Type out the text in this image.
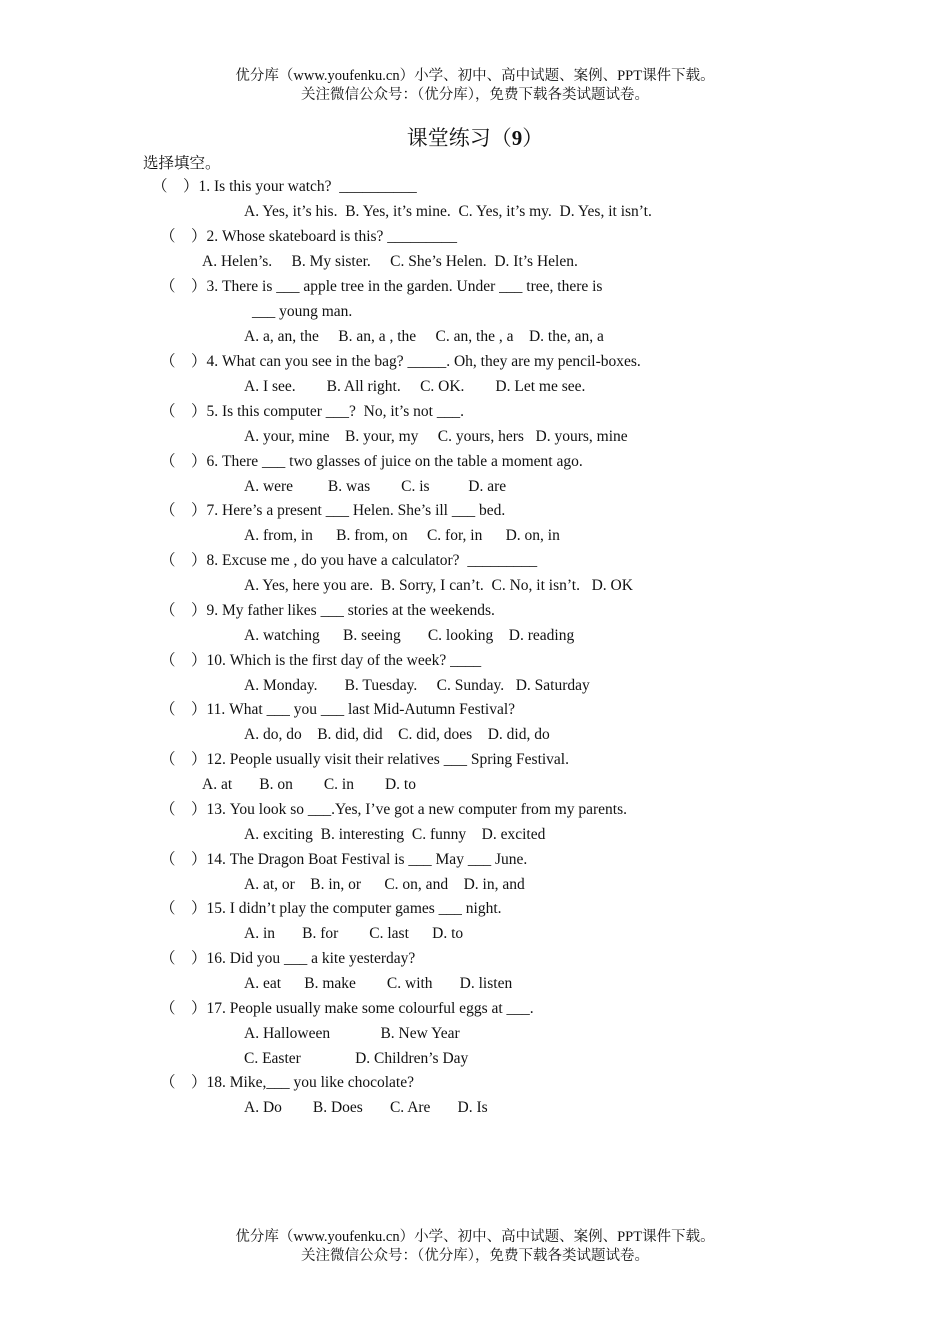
优分库（www.youfenku.cn）小学、初中、高中试题、案例、PPT课件下载。
关注微信公众号：（优分库），免费下载各类试题试卷。
课堂练习（9）
选择填空。
（    ）1. Is this your watch?  __________
A. Yes, it’s his.  B. Yes, it’s mine.  C. Yes, it’s my.  D. Yes, it isn’t.
（    ）2. Whose skateboard is this? _________
A. Helen’s.     B. My sister.     C. She’s Helen.  D. It’s Helen.
（    ）3. There is ___ apple tree in the garden. Under ___ tree, there is
___ young man.
A. a, an, the     B. an, a , the     C. an, the , a    D. the, an, a
（    ）4. What can you see in the bag? _____. Oh, they are my pencil-boxes.
A. I see.        B. All right.     C. OK.        D. Let me see.
（    ）5. Is this computer ___?  No, it’s not ___.
A. your, mine    B. your, my     C. yours, hers   D. yours, mine
（    ）6. There ___ two glasses of juice on the table a moment ago.
A. were         B. was        C. is          D. are
（    ）7. Here’s a present ___ Helen. She’s ill ___ bed.
A. from, in      B. from, on     C. for, in      D. on, in
（    ）8. Excuse me , do you have a calculator?  _________
A. Yes, here you are.  B. Sorry, I can’t.  C. No, it isn’t.   D. OK
（    ）9. My father likes ___ stories at the weekends.
A. watching      B. seeing       C. looking    D. reading
（    ）10. Which is the first day of the week? ____
A. Monday.       B. Tuesday.     C. Sunday.   D. Saturday
（    ）11. What ___ you ___ last Mid-Autumn Festival?
A. do, do    B. did, did    C. did, does    D. did, do
（    ）12. People usually visit their relatives ___ Spring Festival.
A. at       B. on        C. in        D. to
（    ）13. You look so ___.Yes, I’ve got a new computer from my parents.
A. exciting  B. interesting  C. funny    D. excited
（    ）14. The Dragon Boat Festival is ___ May ___ June.
A. at, or    B. in, or      C. on, and    D. in, and
（    ）15. I didn’t play the computer games ___ night.
A. in       B. for        C. last      D. to
（    ）16. Did you ___ a kite yesterday?
A. eat      B. make        C. with       D. listen
（    ）17. People usually make some colourful eggs at ___.
A. Halloween             B. New Year
C. Easter              D. Children’s Day
（    ）18. Mike,___ you like chocolate?
A. Do        B. Does       C. Are       D. Is
优分库（www.youfenku.cn）小学、初中、高中试题、案例、PPT课件下载。
关注微信公众号：（优分库），免费下载各类试题试卷。
